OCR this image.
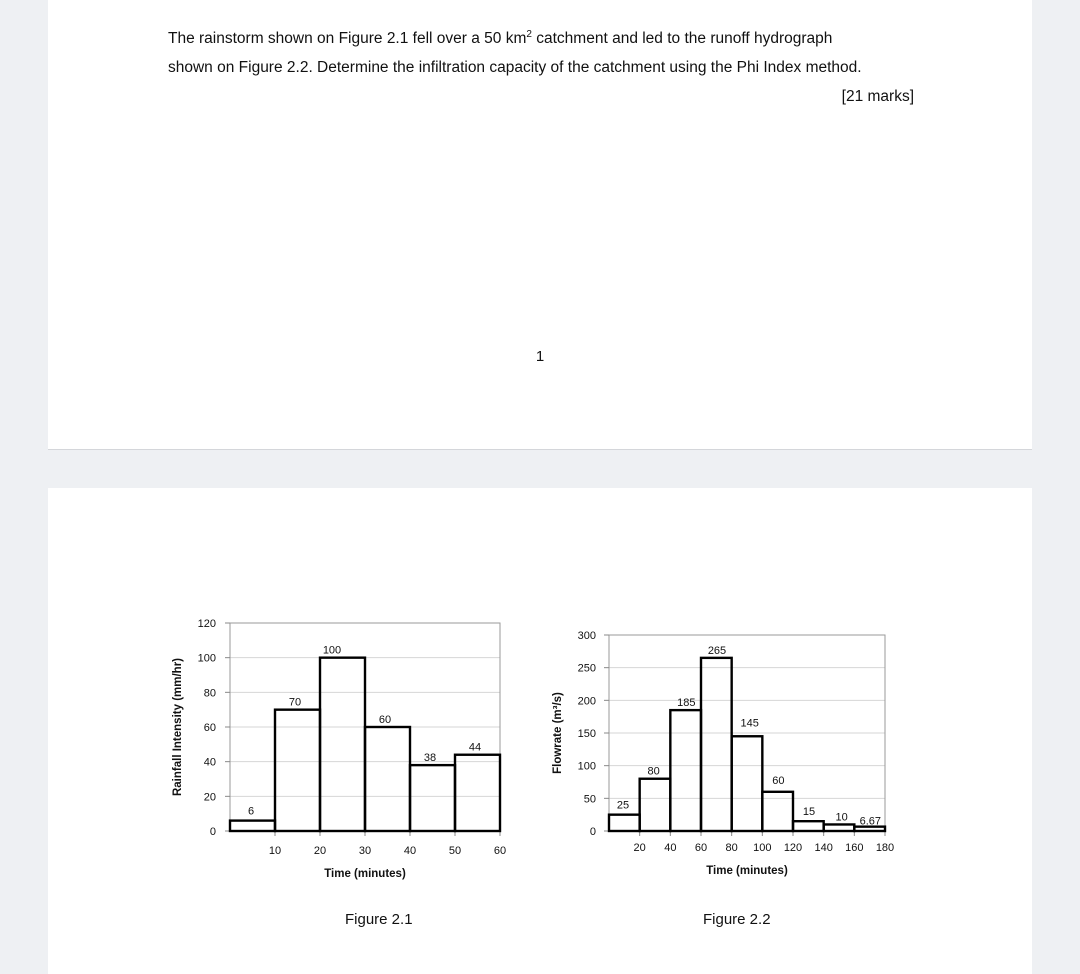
The rainstorm shown on Figure 2.1 fell over a 50 $km^2$ catchment and led to the runoff hydrograph

shown on Figure 2.2. Determine the infiltration capacity of the catchment using the Phi Index method.

[21 marks]
1
0
20
40
60
80
100
120
10	20	30	40	50	60
6
70
100
60
38
44
Time (minutes)
Rainfall Intensity (mm/hr)
0
50
100
150
200
250
300
20 40 60 80 100 120 140 160 180
25
80
185
265
145
60
15 10 6.67
Time (minutes)
Flowrate (m³/s)
Figure 2.1	Figure 2.2
